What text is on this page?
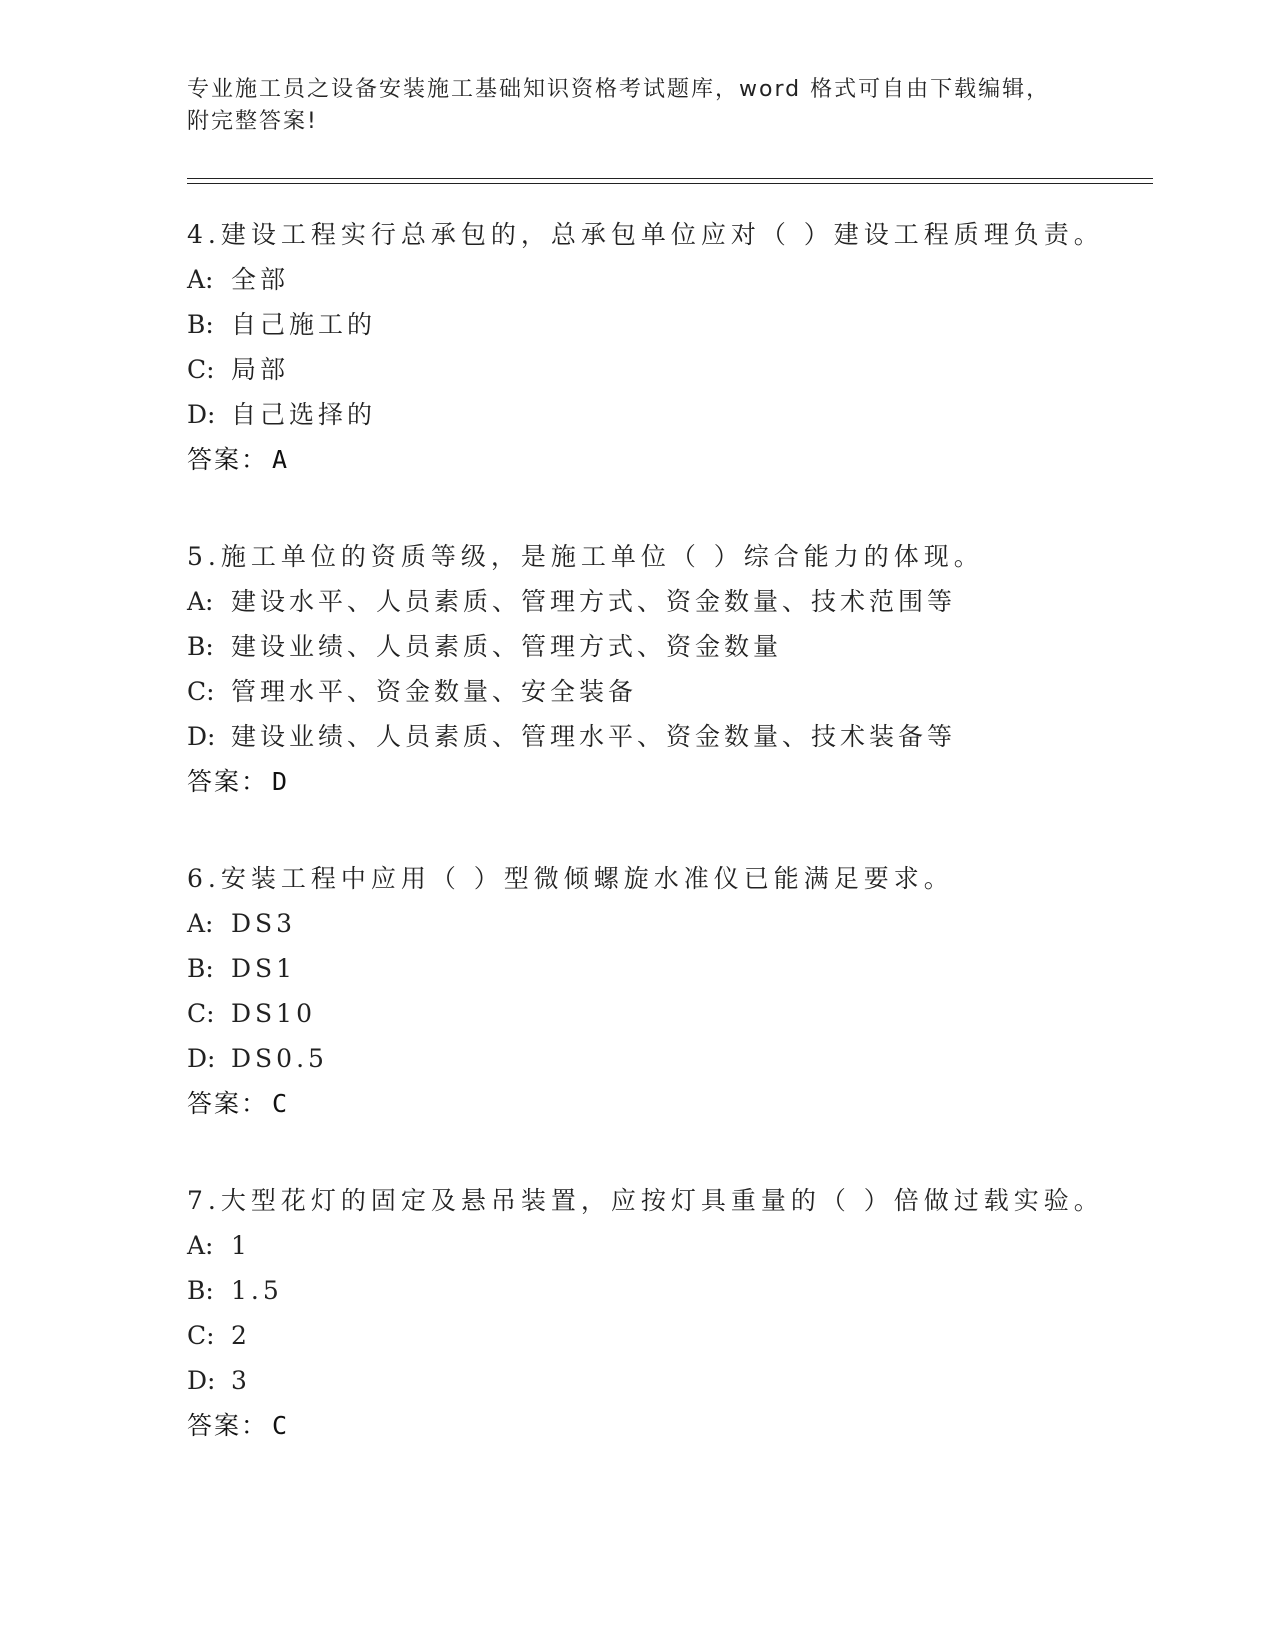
专业施工员之设备安装施工基础知识资格考试题库，word 格式可自由下载编辑，
附完整答案!
4.建设工程实行总承包的，总承包单位应对（ ）建设工程质理负责。
A: 全部
B: 自己施工的
C: 局部
D: 自己选择的
答案： A
5.施工单位的资质等级，是施工单位（ ）综合能力的体现。
A: 建设水平、人员素质、管理方式、资金数量、技术范围等
B: 建设业绩、人员素质、管理方式、资金数量
C: 管理水平、资金数量、安全装备
D: 建设业绩、人员素质、管理水平、资金数量、技术装备等
答案： D
6.安装工程中应用（ ）型微倾螺旋水准仪已能满足要求。
A: DS3
B: DS1
C: DS10
D: DS0.5
答案： C
7.大型花灯的固定及悬吊装置，应按灯具重量的（ ）倍做过载实验。
A: 1
B: 1.5
C: 2
D: 3
答案： C
